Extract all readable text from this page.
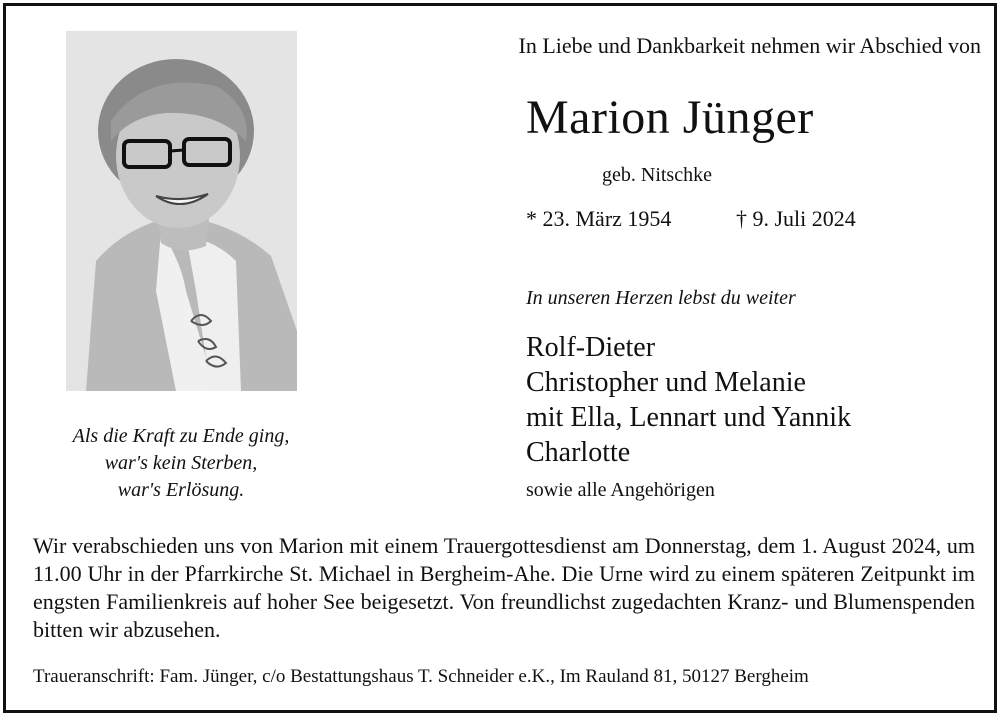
In Liebe und Dankbarkeit nehmen wir Abschied von
Marion Jünger
geb. Nitschke
* 23. März 1954	† 9. Juli 2024
In unseren Herzen lebst du weiter
Rolf-Dieter
Christopher und Melanie
mit Ella, Lennart und Yannik
Charlotte
sowie alle Angehörigen
Als die Kraft zu Ende ging,
war's kein Sterben,
war's Erlösung.
Wir verabschieden uns von Marion mit einem Trauergottesdienst am Donnerstag, dem 1. August 2024, um 11.00 Uhr in der Pfarrkirche St. Michael in Bergheim-Ahe. Die Urne wird zu einem späteren Zeitpunkt im engsten Familienkreis auf hoher See beigesetzt. Von freundlichst zugedachten Kranz- und Blumenspenden bitten wir abzusehen.
Traueranschrift: Fam. Jünger, c/o Bestattungshaus T. Schneider e.K., Im Rauland 81, 50127 Bergheim
